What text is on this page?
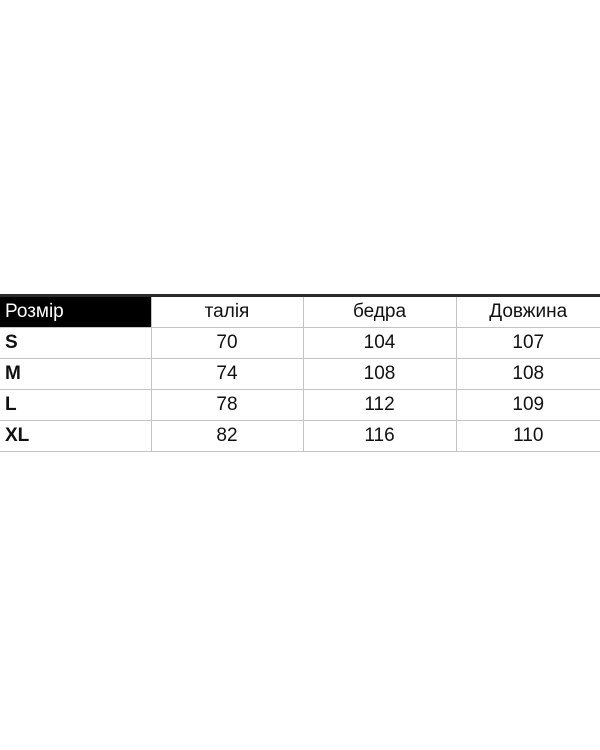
Розмір	талія	бедра	Довжина
S	70	104	107
M	74	108	108
L	78	112	109
XL	82	116	110
